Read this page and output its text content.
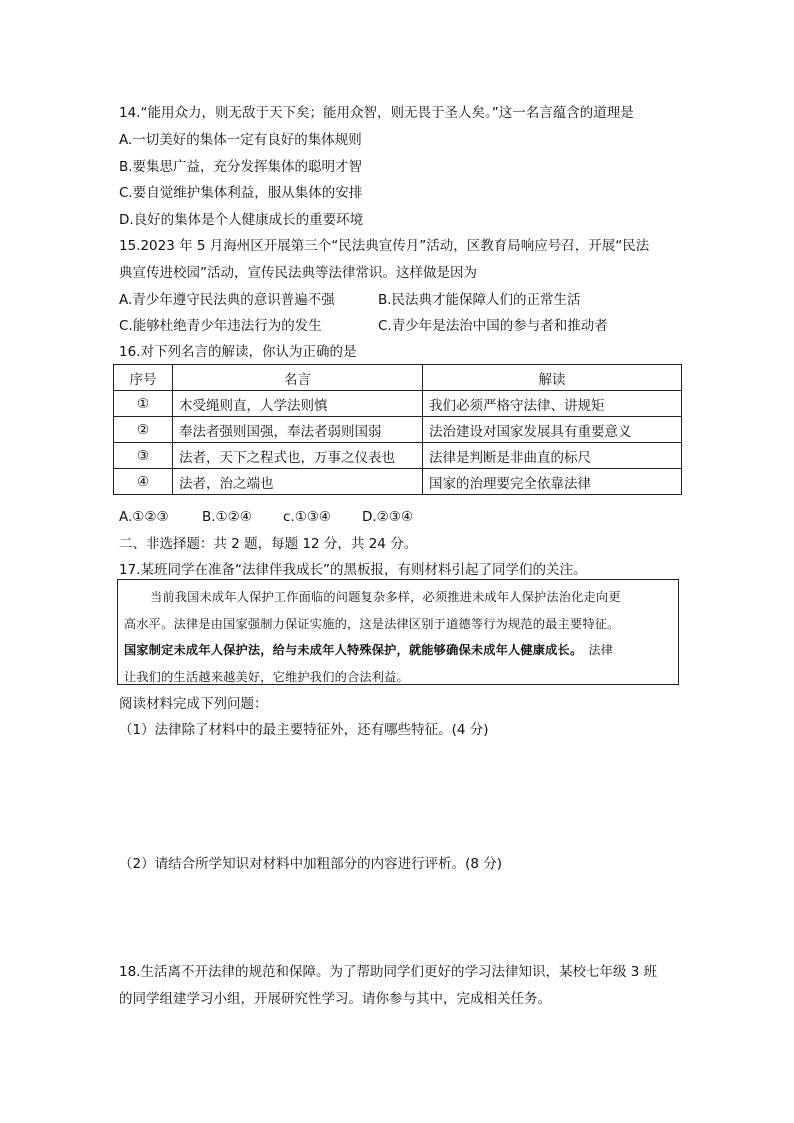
14.“能用众力，则无敌于天下矣；能用众智，则无畏于圣人矣。”这一名言蕴含的道理是
A.一切美好的集体一定有良好的集体规则
B.要集思广益，充分发挥集体的聪明才智
C.要自觉维护集体利益，服从集体的安排
D.良好的集体是个人健康成长的重要环境
15.2023 年 5 月海州区开展第三个“民法典宣传月”活动，区教育局响应号召，开展“民法
典宣传进校园”活动，宣传民法典等法律常识。这样做是因为
A.青少年遵守民法典的意识普遍不强	B.民法典才能保障人们的正常生活
C.能够杜绝青少年违法行为的发生	C.青少年是法治中国的参与者和推动者
16.对下列名言的解读，你认为正确的是
序号	名言	解读
①	木受绳则直，人学法则慎	我们必须严格守法律、讲规矩
②	奉法者强则国强，奉法者弱则国弱	法治建设对国家发展具有重要意义
③	法者，天下之程式也，万事之仪表也	法律是判断是非曲直的标尺
④	法者，治之端也	国家的治理要完全依靠法律
A.①②③ B.①②④ c.①③④ D.②③④
二、非选择题：共 2 题，每题 12 分，共 24 分。
17.某班同学在准备“法律伴我成长”的黑板报，有则材料引起了同学们的关注。
当前我国未成年人保护工作面临的问题复杂多样，必须推进未成年人保护法治化走向更
高水平。法律是由国家强制力保证实施的，这是法律区别于道德等行为规范的最主要特征。
国家制定未成年人保护法，给与未成年人特殊保护，就能够确保未成年人健康成长。 法律
让我们的生活越来越美好，它维护我们的合法利益。
阅读材料完成下列问题：
（1）法律除了材料中的最主要特征外，还有哪些特征。(4 分)
（2）请结合所学知识对材料中加粗部分的内容进行评析。(8 分)
18.生活离不开法律的规范和保障。为了帮助同学们更好的学习法律知识，某校七年级 3 班
的同学组建学习小组，开展研究性学习。请你参与其中，完成相关任务。
